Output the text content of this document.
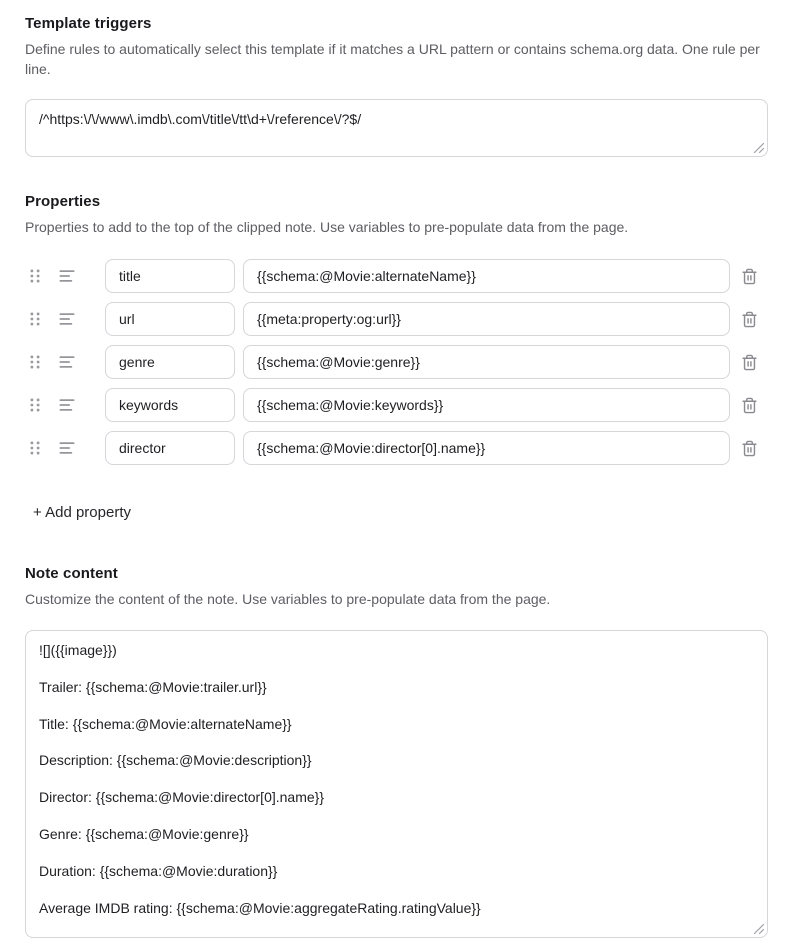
Template triggers

Define rules to automatically select this template if it matches a URL pattern or contains schema.org data. One rule per line.

/^https:\/\/www\.imdb\.com\/title\/tt\d+\/reference\/?$/
Properties

Properties to add to the top of the clipped note. Use variables to pre-populate data from the page.

title
{{schema:@Movie:alternateName}}
url
{{meta:property:og:url}}
genre
{{schema:@Movie:genre}}
keywords
{{schema:@Movie:keywords}}
director
{{schema:@Movie:director[0].name}}
+ Add property
Note content

Customize the content of the note. Use variables to pre-populate data from the page.

![]({{image}}) Trailer: {{schema:@Movie:trailer.url}} Title: {{schema:@Movie:alternateName}} Description: {{schema:@Movie:description}} Director: {{schema:@Movie:director[0].name}} Genre: {{schema:@Movie:genre}} Duration: {{schema:@Movie:duration}} Average IMDB rating: {{schema:@Movie:aggregateRating.ratingValue}}
